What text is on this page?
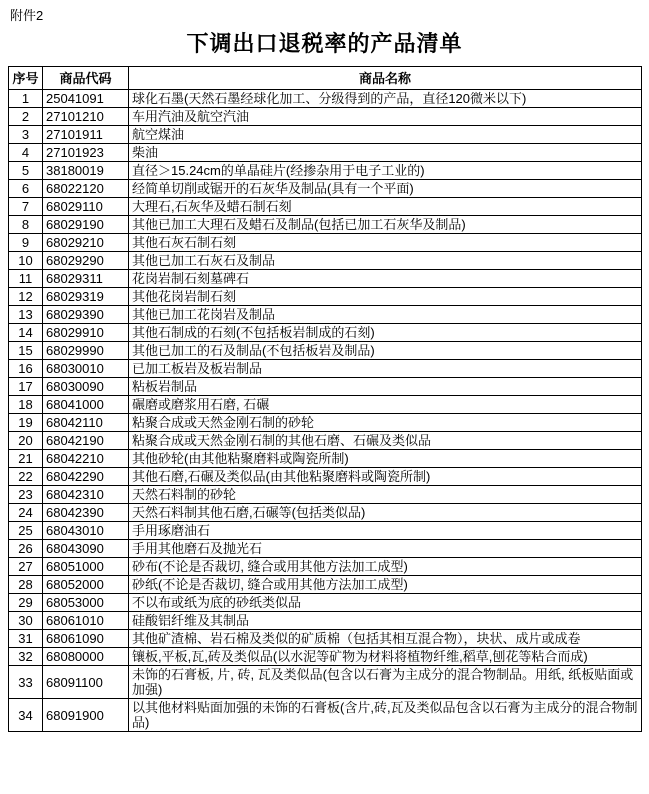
附件2
下调出口退税率的产品清单
序号	商品代码	商品名称
1	25041091	球化石墨(天然石墨经球化加工、分级得到的产品，直径120微米以下)
2	27101210	车用汽油及航空汽油
3	27101911	航空煤油
4	27101923	柴油
5	38180019	直径＞15.24cm的单晶硅片(经掺杂用于电子工业的)
6	68022120	经简单切削或锯开的石灰华及制品(具有一个平面)
7	68029110	大理石,石灰华及蜡石制石刻
8	68029190	其他已加工大理石及蜡石及制品(包括已加工石灰华及制品)
9	68029210	其他石灰石制石刻
10	68029290	其他已加工石灰石及制品
11	68029311	花岗岩制石刻墓碑石
12	68029319	其他花岗岩制石刻
13	68029390	其他已加工花岗岩及制品
14	68029910	其他石制成的石刻(不包括板岩制成的石刻)
15	68029990	其他已加工的石及制品(不包括板岩及制品)
16	68030010	已加工板岩及板岩制品
17	68030090	粘板岩制品
18	68041000	碾磨或磨浆用石磨, 石碾
19	68042110	粘聚合成或天然金刚石制的砂轮
20	68042190	粘聚合成或天然金刚石制的其他石磨、石碾及类似品
21	68042210	其他砂轮(由其他粘聚磨料或陶瓷所制)
22	68042290	其他石磨,石碾及类似品(由其他粘聚磨料或陶瓷所制)
23	68042310	天然石料制的砂轮
24	68042390	天然石料制其他石磨,石碾等(包括类似品)
25	68043010	手用琢磨油石
26	68043090	手用其他磨石及抛光石
27	68051000	砂布(不论是否裁切, 缝合或用其他方法加工成型)
28	68052000	砂纸(不论是否裁切, 缝合或用其他方法加工成型)
29	68053000	不以布或纸为底的砂纸类似品
30	68061010	硅酸铝纤维及其制品
31	68061090	其他矿渣棉、岩石棉及类似的矿质棉（包括其相互混合物），块状、成片或成卷
32	68080000	镶板,平板,瓦,砖及类似品(以水泥等矿物为材料将植物纤维,稻草,刨花等粘合而成)
33	68091100	未饰的石膏板, 片, 砖, 瓦及类似品(包含以石膏为主成分的混合物制品。用纸, 纸板贴面或加强)
34	68091900	以其他材料贴面加强的未饰的石膏板(含片,砖,瓦及类似品包含以石膏为主成分的混合物制品)
